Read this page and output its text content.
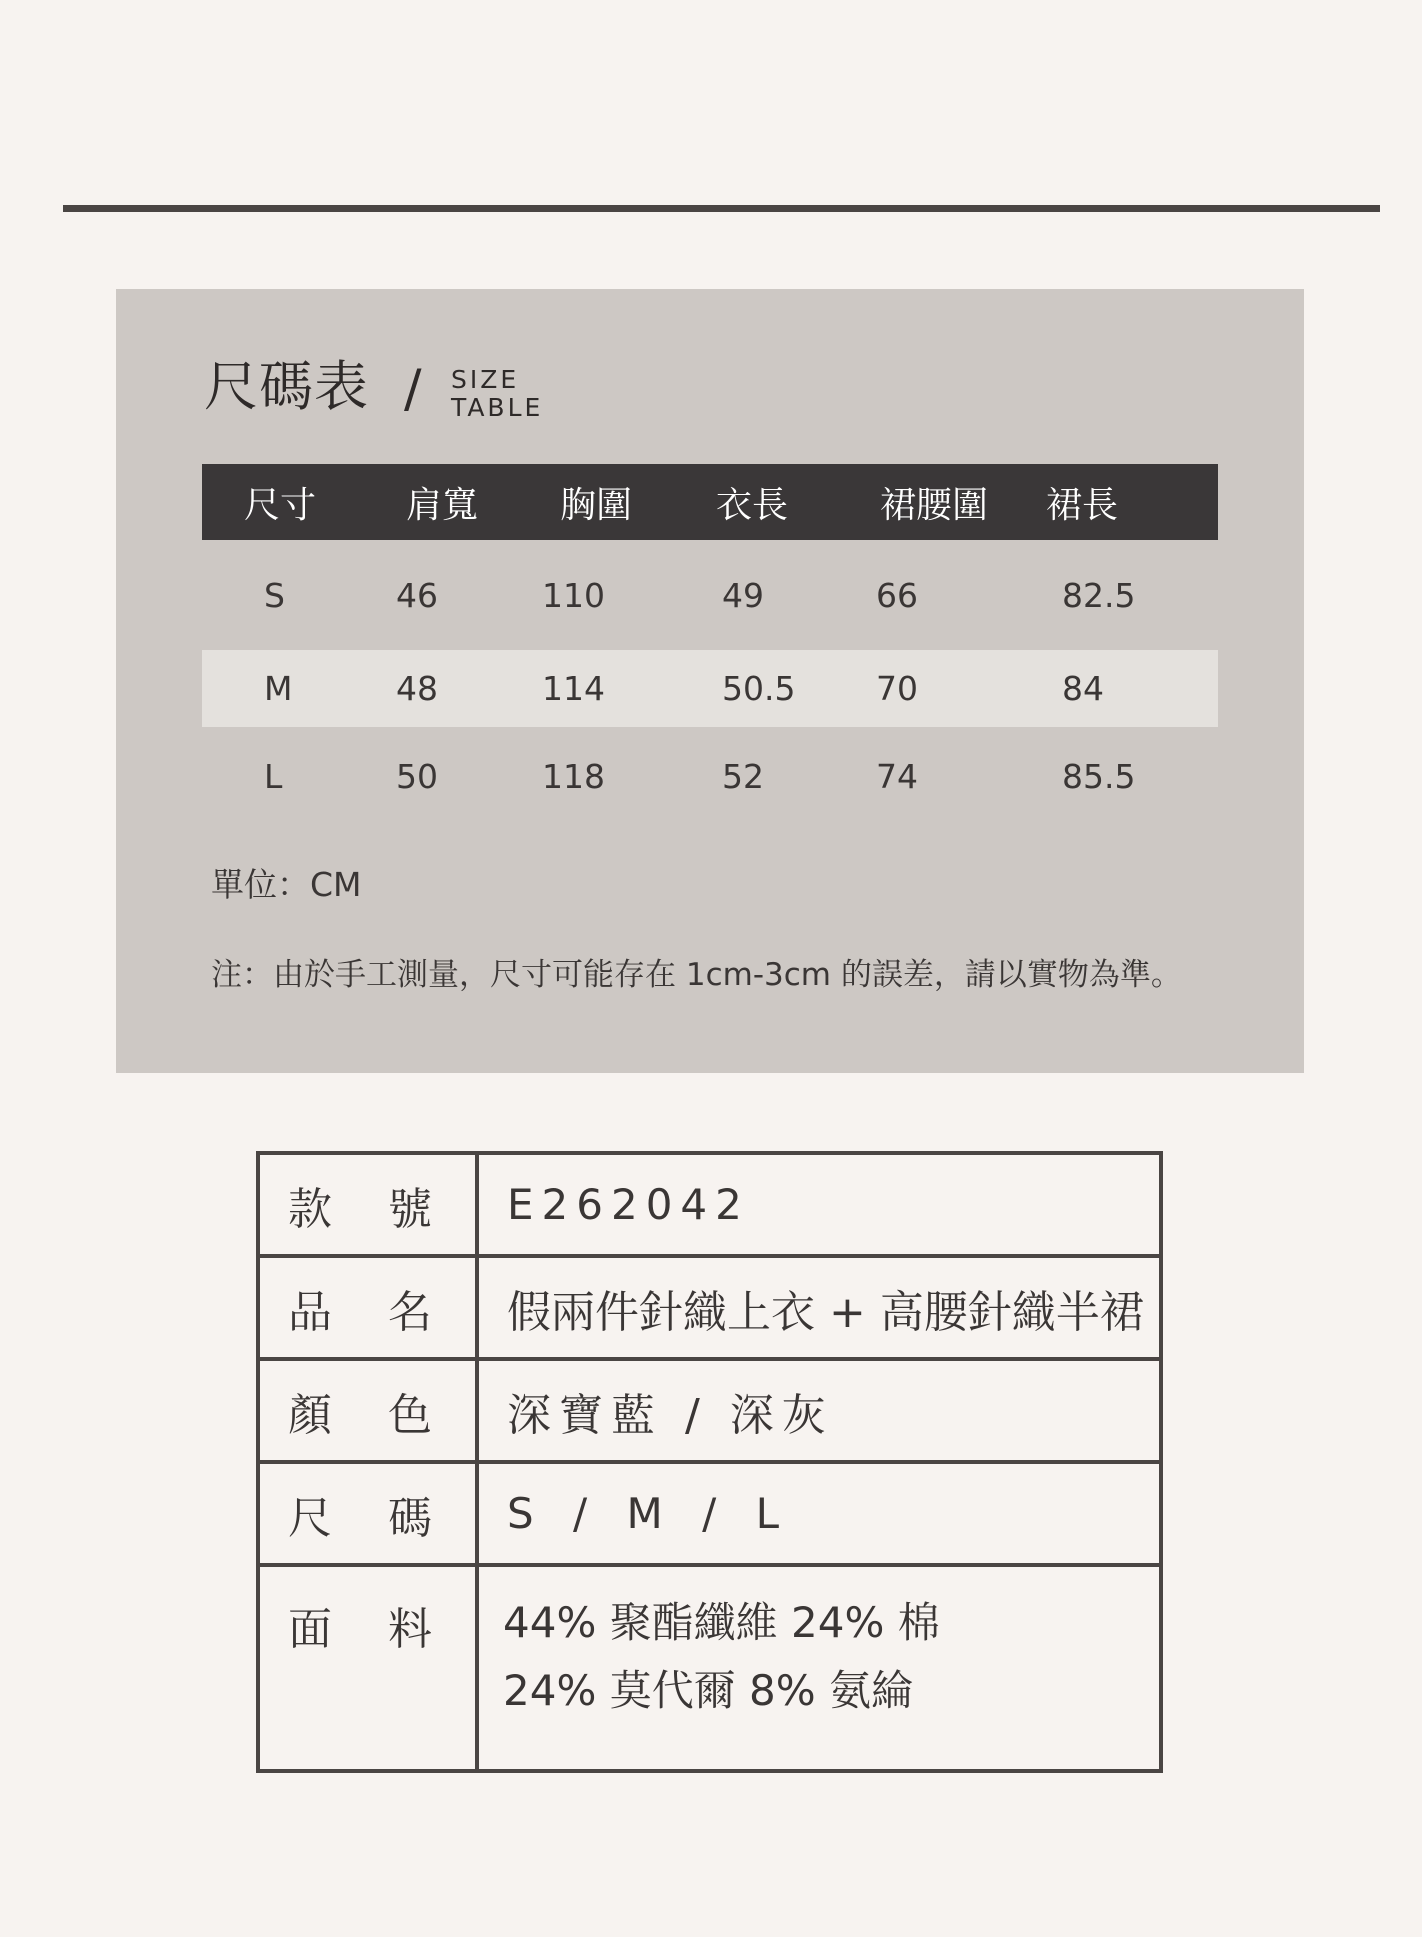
尺碼表 / SIZE
TABLE
尺寸	肩寬	胸圍	衣長	裙腰圍	裙長
S	46	110	49	66	82.5
M	48	114	50.5	70	84
L	50	118	52	74	85.5
單位：CM
注：由於手工測量，尺寸可能存在 1cm-3cm 的誤差，請以實物為準。
款號	E262042
品名	假兩件針織上衣 + 高腰針織半裙
顏色	深寶藍 / 深灰
尺碼	S / M / L
面料	44% 聚酯纖維 24% 棉
24% 莫代爾 8% 氨綸
